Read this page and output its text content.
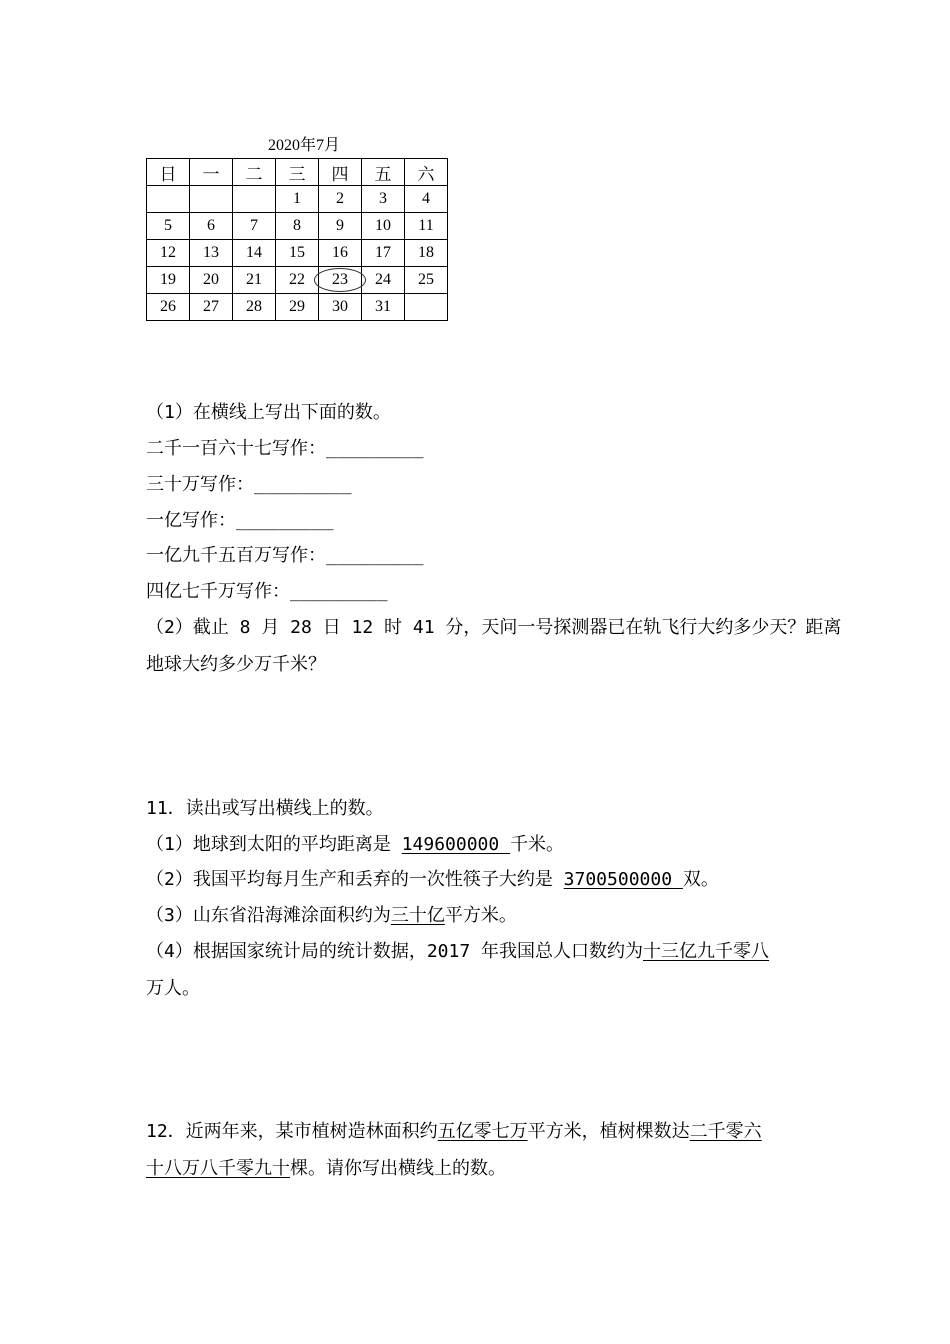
2020年7月
日	一	二	三	四	五	六
			1	2	3	4
5	6	7	8	9	10	11
12	13	14	15	16	17	18
19	20	21	22	23	24	25
26	27	28	29	30	31	
（1）在横线上写出下面的数。
二千一百六十七写作：_________
三十万写作：_________
一亿写作：_________
一亿九千五百万写作：_________
四亿七千万写作：_________
（2）截止 8 月 28 日 12 时 41 分，天问一号探测器已在轨飞行大约多少天？距离
地球大约多少万千米？
11．读出或写出横线上的数。
（1）地球到太阳的平均距离是 149600000 千米。
（2）我国平均每月生产和丢弃的一次性筷子大约是 3700500000 双。
（3）山东省沿海滩涂面积约为三十亿平方米。
（4）根据国家统计局的统计数据，2017 年我国总人口数约为十三亿九千零八
万人。
12．近两年来，某市植树造林面积约五亿零七万平方米，植树棵数达二千零六
十八万八千零九十棵。请你写出横线上的数。
